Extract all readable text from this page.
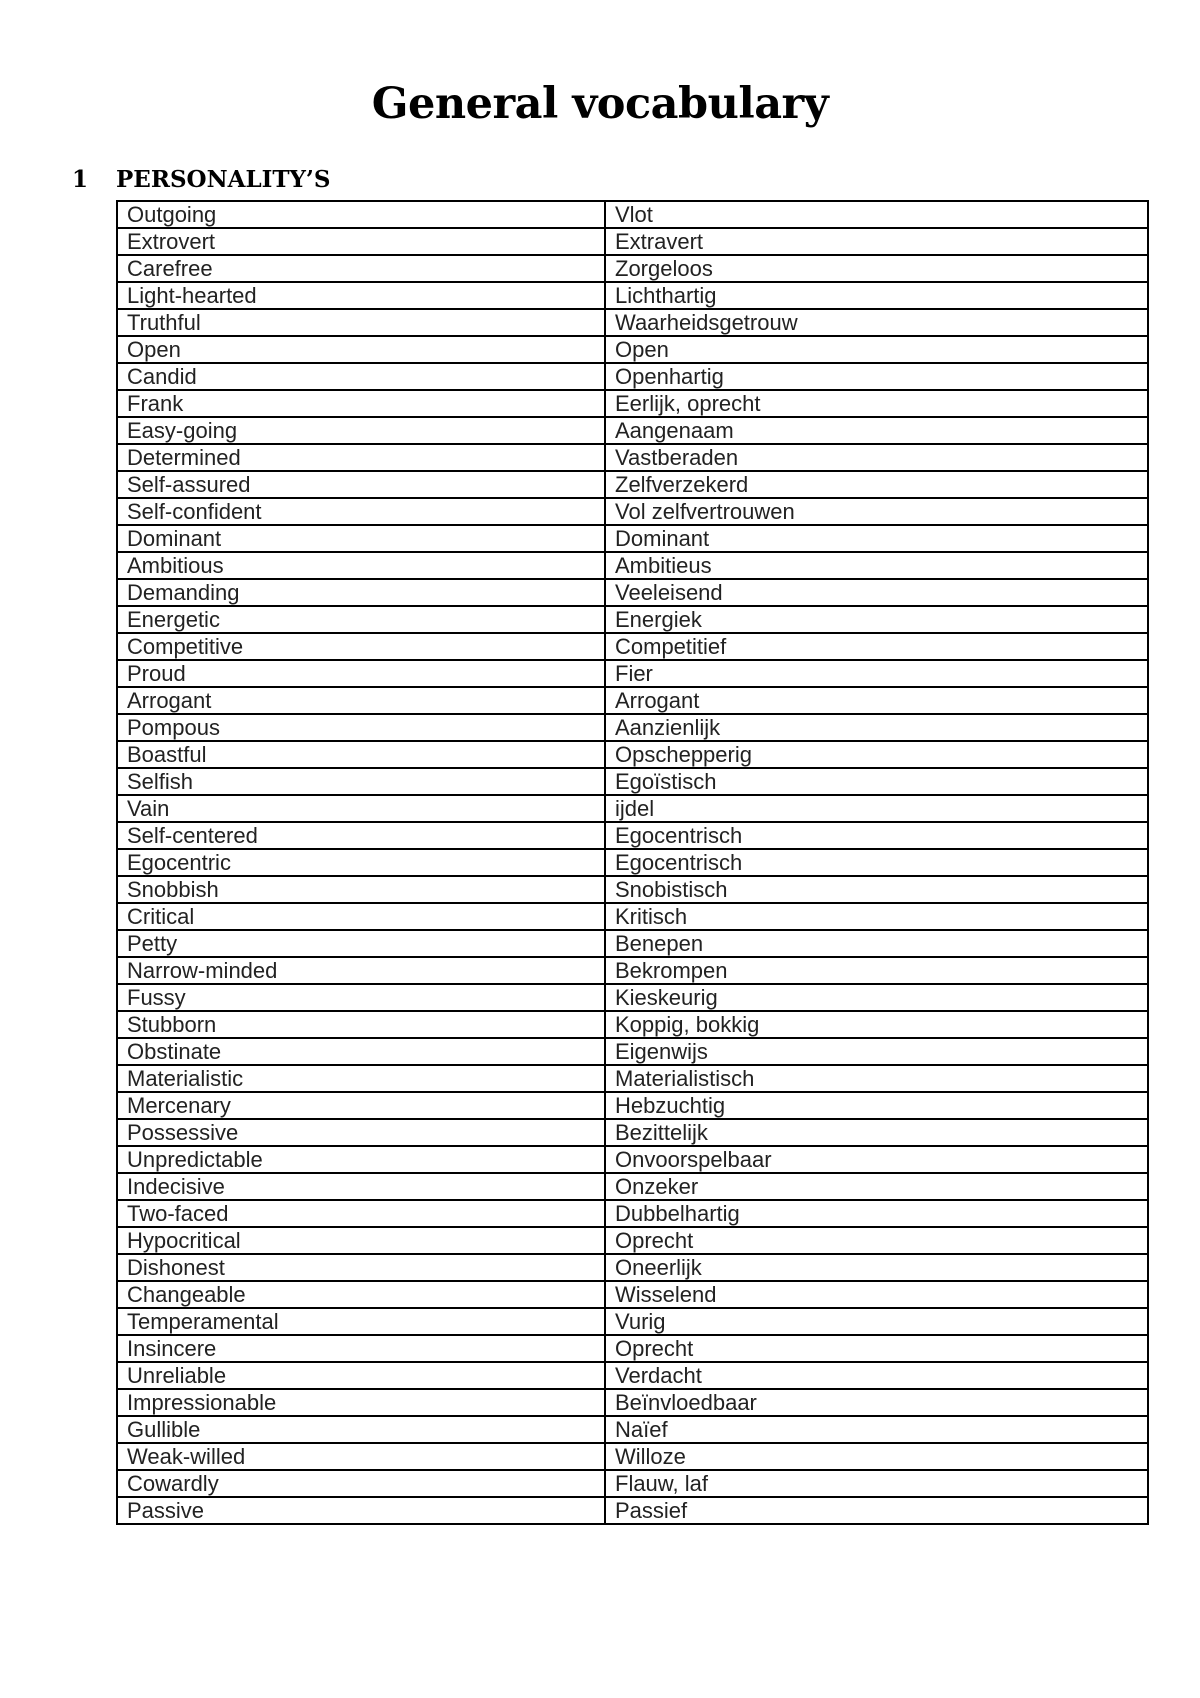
General vocabulary
1 PERSONALITY’S
Outgoing	Vlot
Extrovert	Extravert
Carefree	Zorgeloos
Light-hearted	Lichthartig
Truthful	Waarheidsgetrouw
Open	Open
Candid	Openhartig
Frank	Eerlijk, oprecht
Easy-going	Aangenaam
Determined	Vastberaden
Self-assured	Zelfverzekerd
Self-confident	Vol zelfvertrouwen
Dominant	Dominant
Ambitious	Ambitieus
Demanding	Veeleisend
Energetic	Energiek
Competitive	Competitief
Proud	Fier
Arrogant	Arrogant
Pompous	Aanzienlijk
Boastful	Opschepperig
Selfish	Egoïstisch
Vain	ijdel
Self-centered	Egocentrisch
Egocentric	Egocentrisch
Snobbish	Snobistisch
Critical	Kritisch
Petty	Benepen
Narrow-minded	Bekrompen
Fussy	Kieskeurig
Stubborn	Koppig, bokkig
Obstinate	Eigenwijs
Materialistic	Materialistisch
Mercenary	Hebzuchtig
Possessive	Bezittelijk
Unpredictable	Onvoorspelbaar
Indecisive	Onzeker
Two-faced	Dubbelhartig
Hypocritical	Oprecht
Dishonest	Oneerlijk
Changeable	Wisselend
Temperamental	Vurig
Insincere	Oprecht
Unreliable	Verdacht
Impressionable	Beïnvloedbaar
Gullible	Naïef
Weak-willed	Willoze
Cowardly	Flauw, laf
Passive	Passief
